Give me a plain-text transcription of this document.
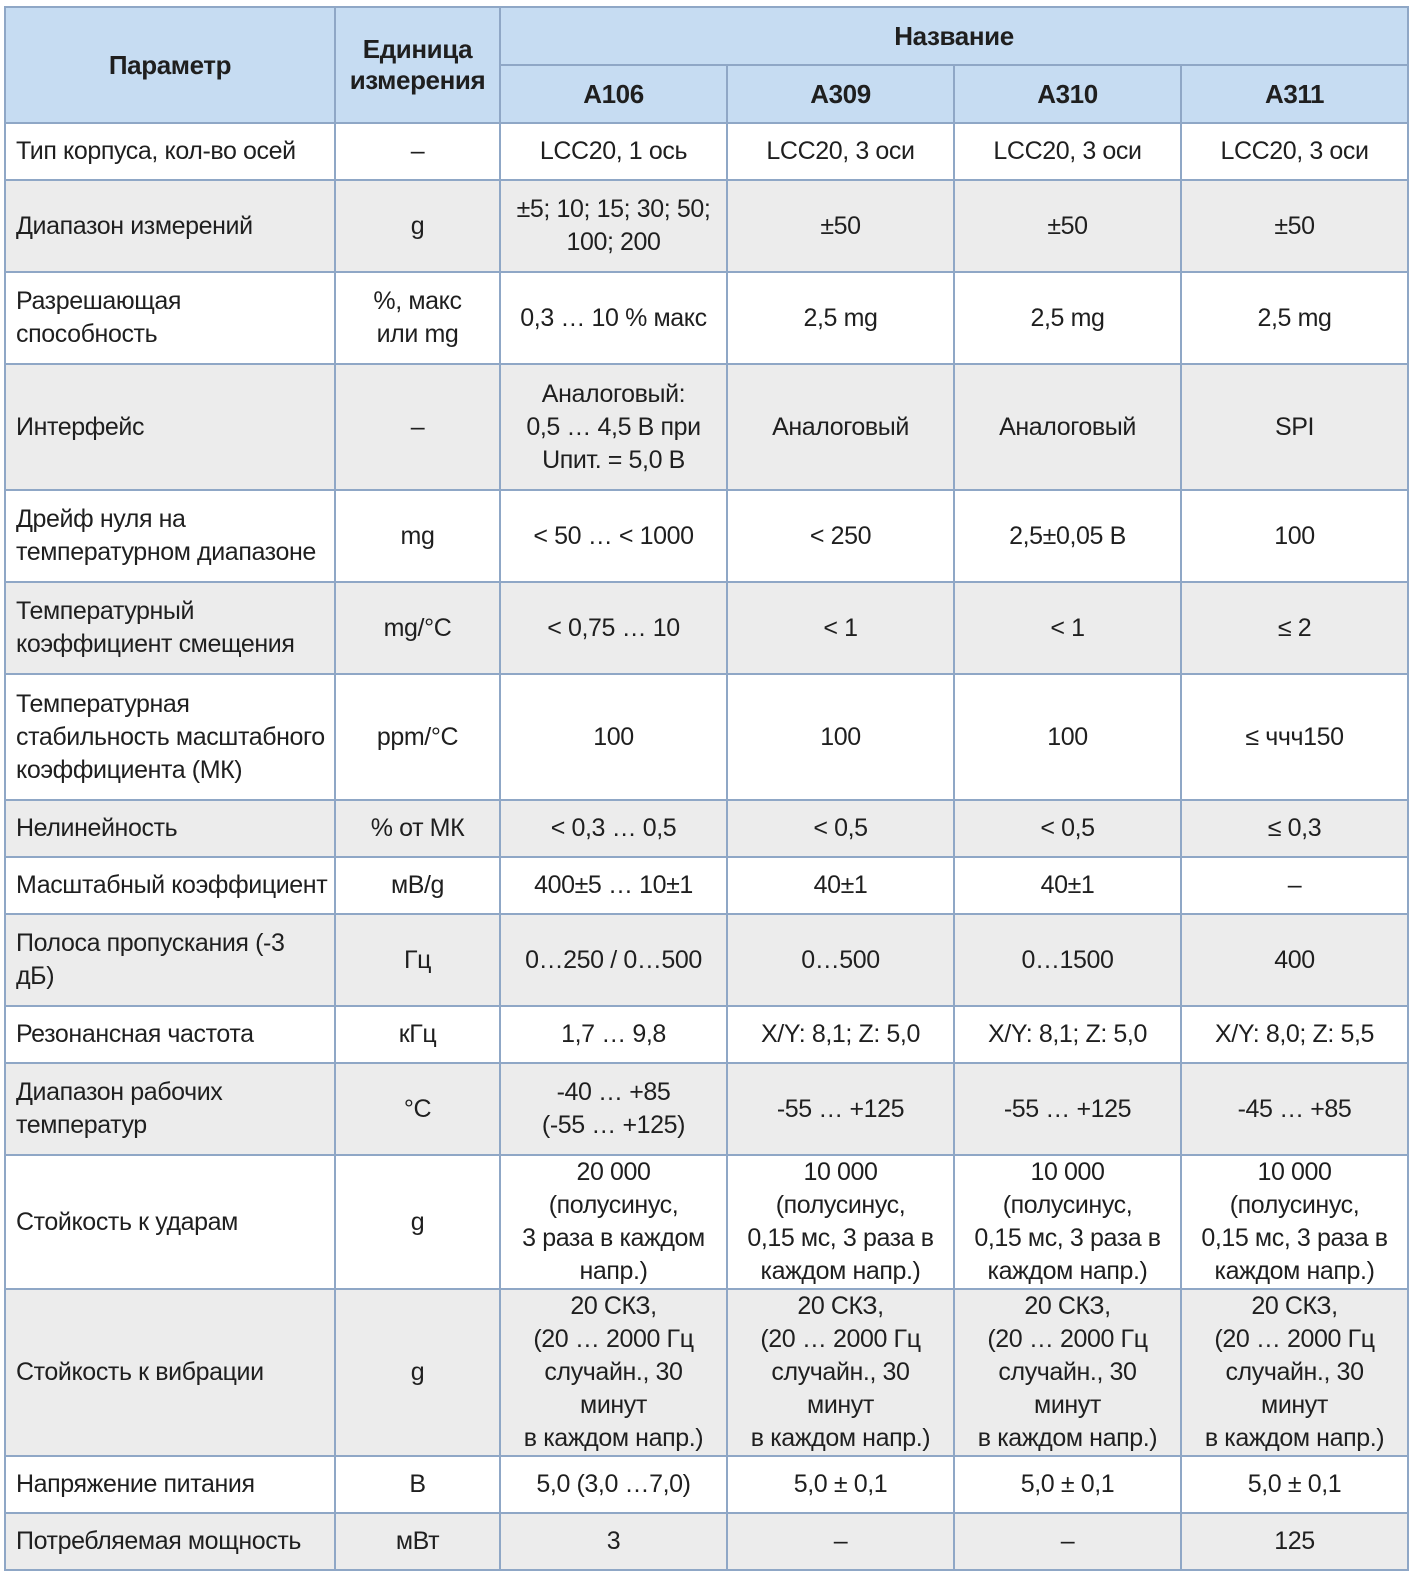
Параметр	Единица измерения	Название			
		А106	А309	А310	А311
Тип корпуса, кол-во осей	–	LCC20, 1 ось	LCC20, 3 оси	LCC20, 3 оси	LCC20, 3 оси
Диапазон измерений	g	±5; 10; 15; 30; 50;
100; 200	±50	±50	±50
Разрешающая способность	%, макс
или mg	0,3 … 10 % макс	2,5 mg	2,5 mg	2,5 mg
Интерфейс	–	Аналоговый:
0,5 … 4,5 В при
Uпит. = 5,0 В	Аналоговый	Аналоговый	SPI
Дрейф нуля на температурном диапазоне	mg	< 50 … < 1000	< 250	2,5±0,05 В	100
Температурный коэффициент смещения	mg/°C	< 0,75 … 10	< 1	< 1	≤ 2
Температурная стабильность масштабного коэффициента (МК)	ppm/°C	100	100	100	≤ ччч150
Нелинейность	% от МК	< 0,3 … 0,5	< 0,5	< 0,5	≤ 0,3
Масштабный коэффициент	мВ/g	400±5 … 10±1	40±1	40±1	–
Полоса пропускания (-3 дБ)	Гц	0…250 / 0…500	0…500	0…1500	400
Резонансная частота	кГц	1,7 … 9,8	X/Y: 8,1; Z: 5,0	X/Y: 8,1; Z: 5,0	X/Y: 8,0; Z: 5,5
Диапазон рабочих температур	°C	-40 … +85
(-55 … +125)	-55 … +125	-55 … +125	-45 … +85
Стойкость к ударам	g	20 000 (полусинус,
3 раза в каждом
напр.)	10 000 (полусинус,
0,15 мс, 3 раза в
каждом напр.)	10 000 (полусинус,
0,15 мс, 3 раза в
каждом напр.)	10 000 (полусинус,
0,15 мс, 3 раза в
каждом напр.)
Стойкость к вибрации	g	20 СКЗ,
(20 … 2000 Гц
случайн., 30 минут
в каждом напр.)	20 СКЗ,
(20 … 2000 Гц
случайн., 30 минут
в каждом напр.)	20 СКЗ,
(20 … 2000 Гц
случайн., 30 минут
в каждом напр.)	20 СКЗ,
(20 … 2000 Гц
случайн., 30 минут
в каждом напр.)
Напряжение питания	В	5,0 (3,0 …7,0)	5,0 ± 0,1	5,0 ± 0,1	5,0 ± 0,1
Потребляемая мощность	мВт	3	–	–	125
